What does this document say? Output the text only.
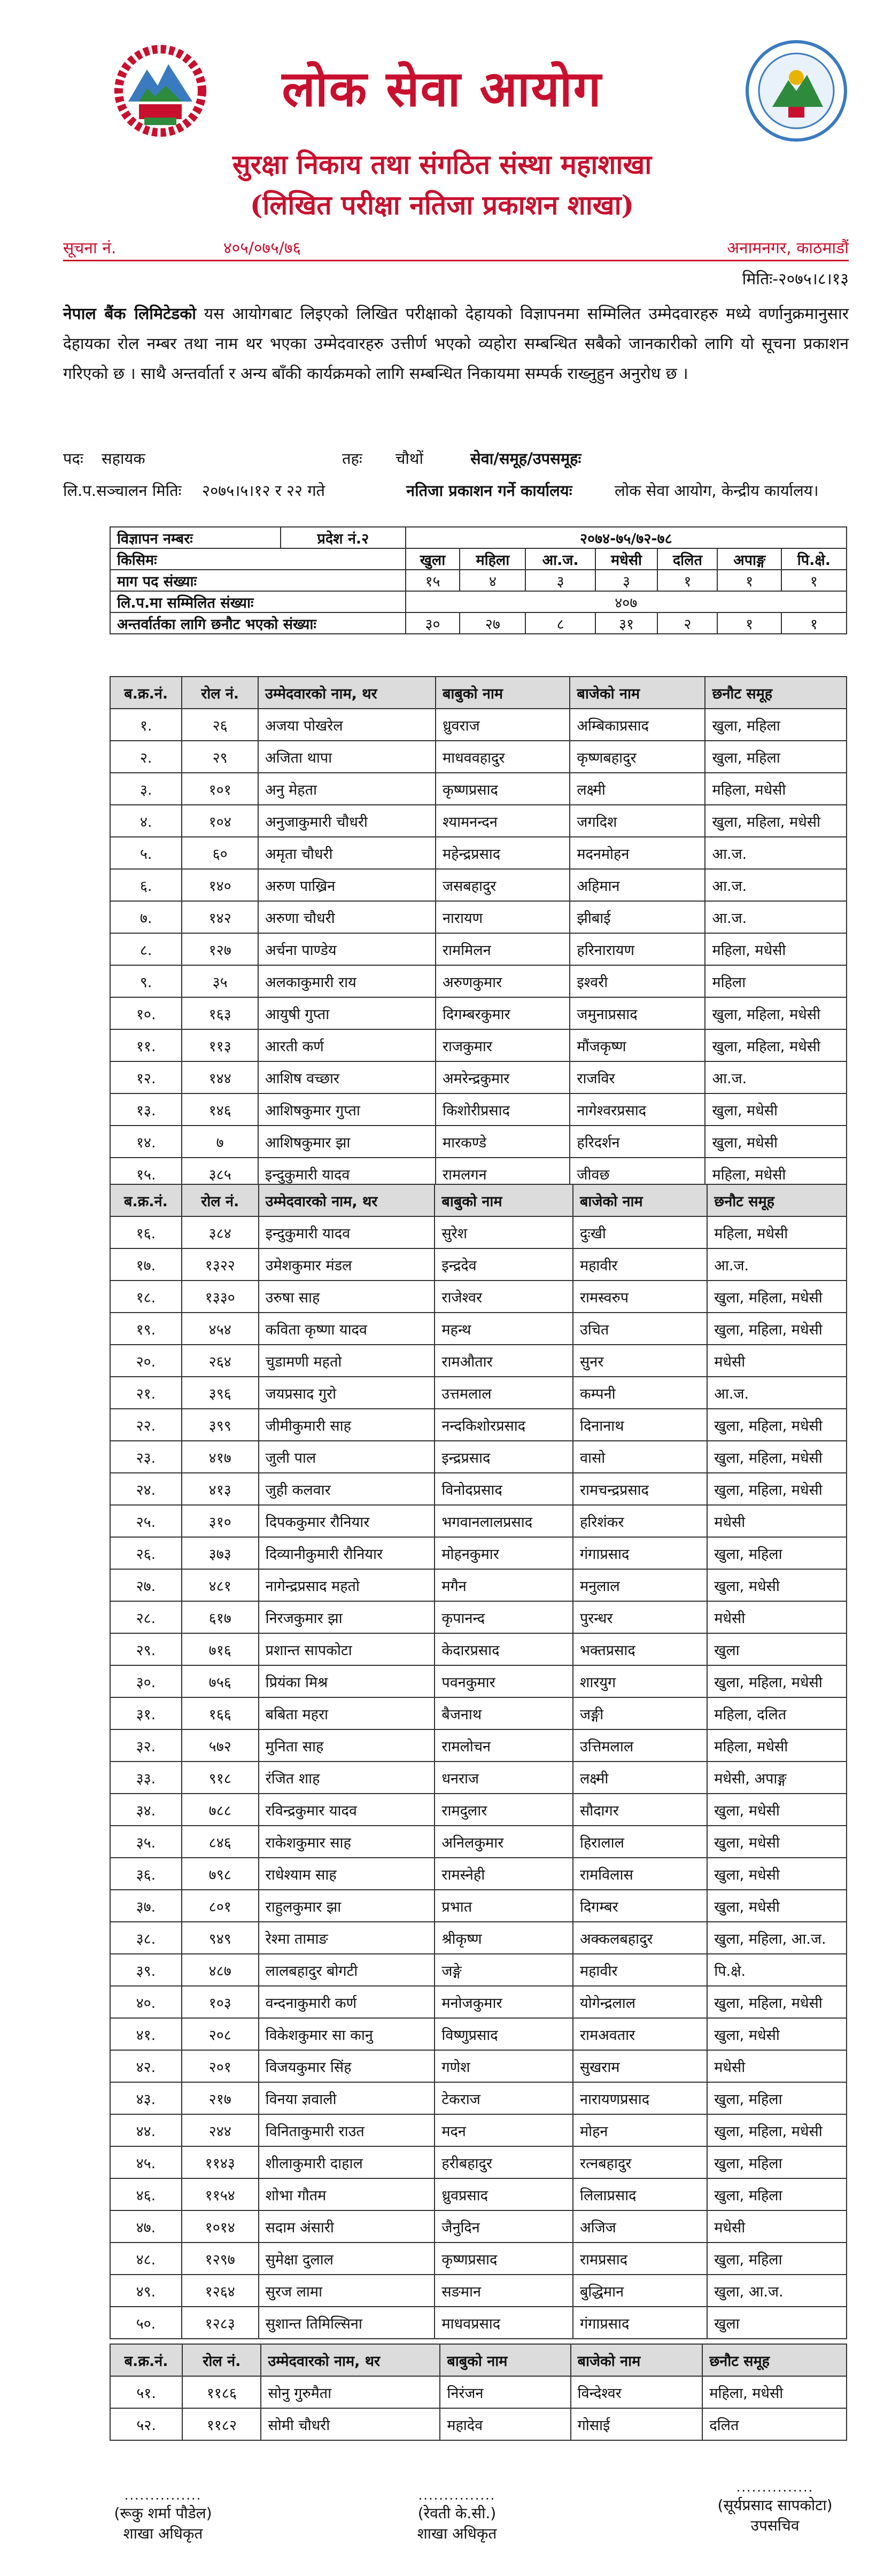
लोक सेवा आयोग
सुरक्षा निकाय तथा संगठित संस्था महाशाखा
(लिखित परीक्षा नतिजा प्रकाशन शाखा)
सूचना नं.	४०५/०७५/७६	अनामनगर, काठमाडौं
मितिः-२०७५।८।१३
नेपाल बैंक लिमिटेडको यस आयोगबाट लिइएको लिखित परीक्षाको देहायको विज्ञापनमा सम्मिलित उम्मेदवारहरु मध्ये वर्णानुक्रमानुसार देहायका रोल नम्बर तथा नाम थर भएका उम्मेदवारहरु उत्तीर्ण भएको व्यहोरा सम्बन्धित सबैको जानकारीको लागि यो सूचना प्रकाशन गरिएको छ । साथै अन्तर्वार्ता र अन्य बाँकी कार्यक्रमको लागि सम्बन्धित निकायमा सम्पर्क राख्नुहुन अनुरोध छ ।
पदः सहायक	तहः चौथों	सेवा/समूह/उपसमूहः
लि.प.सञ्चालन मितिः २०७५।५।१२ र २२ गते	नतिजा प्रकाशन गर्ने कार्यालयः	लोक सेवा आयोग, केन्द्रीय कार्यालय।
विज्ञापन नम्बरः	प्रदेश नं.२	२०७४-७५/७२-७८						
किसिमः		खुला	महिला	आ.ज.	मधेसी	दलित	अपाङ्ग	पि.क्षे.
माग पद संख्याः		१५	४	३	३	१	१	१
लि.प.मा सम्मिलित संख्याः		४०७						
अन्तर्वार्तका लागि छनौट भएको संख्याः		३०	२७	८	३१	२	१	१
ब.क्र.नं.	रोल नं.	उम्मेदवारको नाम, थर	बाबुको नाम	बाजेको नाम	छनौट समूह
१.	२६	अजया पोखरेल	ध्रुवराज	अम्बिकाप्रसाद	खुला, महिला
२.	२९	अजिता थापा	माधववहादुर	कृष्णबहादुर	खुला, महिला
३.	१०१	अनु मेहता	कृष्णप्रसाद	लक्ष्मी	महिला, मधेसी
४.	१०४	अनुजाकुमारी चौधरी	श्यामनन्दन	जगदिश	खुला, महिला, मधेसी
५.	६०	अमृता चौधरी	महेन्द्रप्रसाद	मदनमोहन	आ.ज.
६.	१४०	अरुण पाख्रिन	जसबहादुर	अहिमान	आ.ज.
७.	१४२	अरुणा चौधरी	नारायण	झीबाई	आ.ज.
८.	१२७	अर्चना पाण्डेय	राममिलन	हरिनारायण	महिला, मधेसी
९.	३५	अलकाकुमारी राय	अरुणकुमार	इश्वरी	महिला
१०.	१६३	आयुषी गुप्ता	दिगम्बरकुमार	जमुनाप्रसाद	खुला, महिला, मधेसी
११.	११३	आरती कर्ण	राजकुमार	मौंजकृष्ण	खुला, महिला, मधेसी
१२.	१४४	आशिष वच्छार	अमरेन्द्रकुमार	राजविर	आ.ज.
१३.	१४६	आशिषकुमार गुप्ता	किशोरीप्रसाद	नागेश्वरप्रसाद	खुला, मधेसी
१४.	७	आशिषकुमार झा	मारकण्डे	हरिदर्शन	खुला, मधेसी
१५.	३८५	इन्दुकुमारी यादव	रामलगन	जीवछ	महिला, मधेसी
ब.क्र.नं.	रोल नं.	उम्मेदवारको नाम, थर	बाबुको नाम	बाजेको नाम	छनौट समूह
१६.	३८४	इन्दुकुमारी यादव	सुरेश	दुःखी	महिला, मधेसी
१७.	१३२२	उमेशकुमार मंडल	इन्द्रदेव	महावीर	आ.ज.
१८.	१३३०	उरुषा साह	राजेश्वर	रामस्वरुप	खुला, महिला, मधेसी
१९.	४५४	कविता कृष्णा यादव	महन्थ	उचित	खुला, महिला, मधेसी
२०.	२६४	चुडामणी महतो	रामऔतार	सुनर	मधेसी
२१.	३९६	जयप्रसाद गुरो	उत्तमलाल	कम्पनी	आ.ज.
२२.	३९९	जीमीकुमारी साह	नन्दकिशोरप्रसाद	दिनानाथ	खुला, महिला, मधेसी
२३.	४१७	जुली पाल	इन्द्रप्रसाद	वासो	खुला, महिला, मधेसी
२४.	४१३	जुही कलवार	विनोदप्रसाद	रामचन्द्रप्रसाद	खुला, महिला, मधेसी
२५.	३१०	दिपककुमार रौनियार	भगवानलालप्रसाद	हरिशंकर	मधेसी
२६.	३७३	दिव्यानीकुमारी रौनियार	मोहनकुमार	गंगाप्रसाद	खुला, महिला
२७.	४८१	नागेन्द्रप्रसाद महतो	मगैन	मनुलाल	खुला, मधेसी
२८.	६१७	निरजकुमार झा	कृपानन्द	पुरन्धर	मधेसी
२९.	७१६	प्रशान्त सापकोटा	केदारप्रसाद	भक्तप्रसाद	खुला
३०.	७५६	प्रियंका मिश्र	पवनकुमार	शारयुग	खुला, महिला, मधेसी
३१.	१६६	बबिता महरा	बैजनाथ	जङ्गी	महिला, दलित
३२.	५७२	मुनिता साह	रामलोचन	उत्तिमलाल	महिला, मधेसी
३३.	९१८	रंजित शाह	धनराज	लक्ष्मी	मधेसी, अपाङ्ग
३४.	७८८	रविन्द्रकुमार यादव	रामदुलार	सौदागर	खुला, मधेसी
३५.	८४६	राकेशकुमार साह	अनिलकुमार	हिरालाल	खुला, मधेसी
३६.	७९८	राधेश्याम साह	रामस्नेही	रामविलास	खुला, मधेसी
३७.	८०१	राहुलकुमार झा	प्रभात	दिगम्बर	खुला, मधेसी
३८.	९४९	रेश्मा तामाङ	श्रीकृष्ण	अक्कलबहादुर	खुला, महिला, आ.ज.
३९.	४८७	लालबहादुर बोगटी	जङ्गे	महावीर	पि.क्षे.
४०.	१०३	वन्दनाकुमारी कर्ण	मनोजकुमार	योगेन्द्रलाल	खुला, महिला, मधेसी
४१.	२०८	विकेशकुमार सा कानु	विष्णुप्रसाद	रामअवतार	खुला, मधेसी
४२.	२०१	विजयकुमार सिंह	गणेश	सुखराम	मधेसी
४३.	२१७	विनया ज्ञवाली	टेकराज	नारायणप्रसाद	खुला, महिला
४४.	२४४	विनिताकुमारी राउत	मदन	मोहन	खुला, महिला, मधेसी
४५.	११४३	शीलाकुमारी दाहाल	हरीबहादुर	रत्नबहादुर	खुला, महिला
४६.	११५४	शोभा गौतम	ध्रुवप्रसाद	लिलाप्रसाद	खुला, महिला
४७.	१०१४	सदाम अंसारी	जैनुदिन	अजिज	मधेसी
४८.	१२९७	सुमेक्षा दुलाल	कृष्णप्रसाद	रामप्रसाद	खुला, महिला
४९.	१२६४	सुरज लामा	सङमान	बुद्धिमान	खुला, आ.ज.
५०.	१२८३	सुशान्त तिमिल्सिना	माधवप्रसाद	गंगाप्रसाद	खुला
ब.क्र.नं.	रोल नं.	उम्मेदवारको नाम, थर	बाबुको नाम	बाजेको नाम	छनौट समूह
५१.	११८६	सोनु गुरुमैता	निरंजन	विन्देश्वर	महिला, मधेसी
५२.	११८२	सोमी चौधरी	महादेव	गोसाई	दलित
...............
(रूकु शर्मा पौडेल)
शाखा अधिकृत
...............
(रेवती के.सी.)
शाखा अधिकृत
...............
(सूर्यप्रसाद सापकोटा)
उपसचिव
